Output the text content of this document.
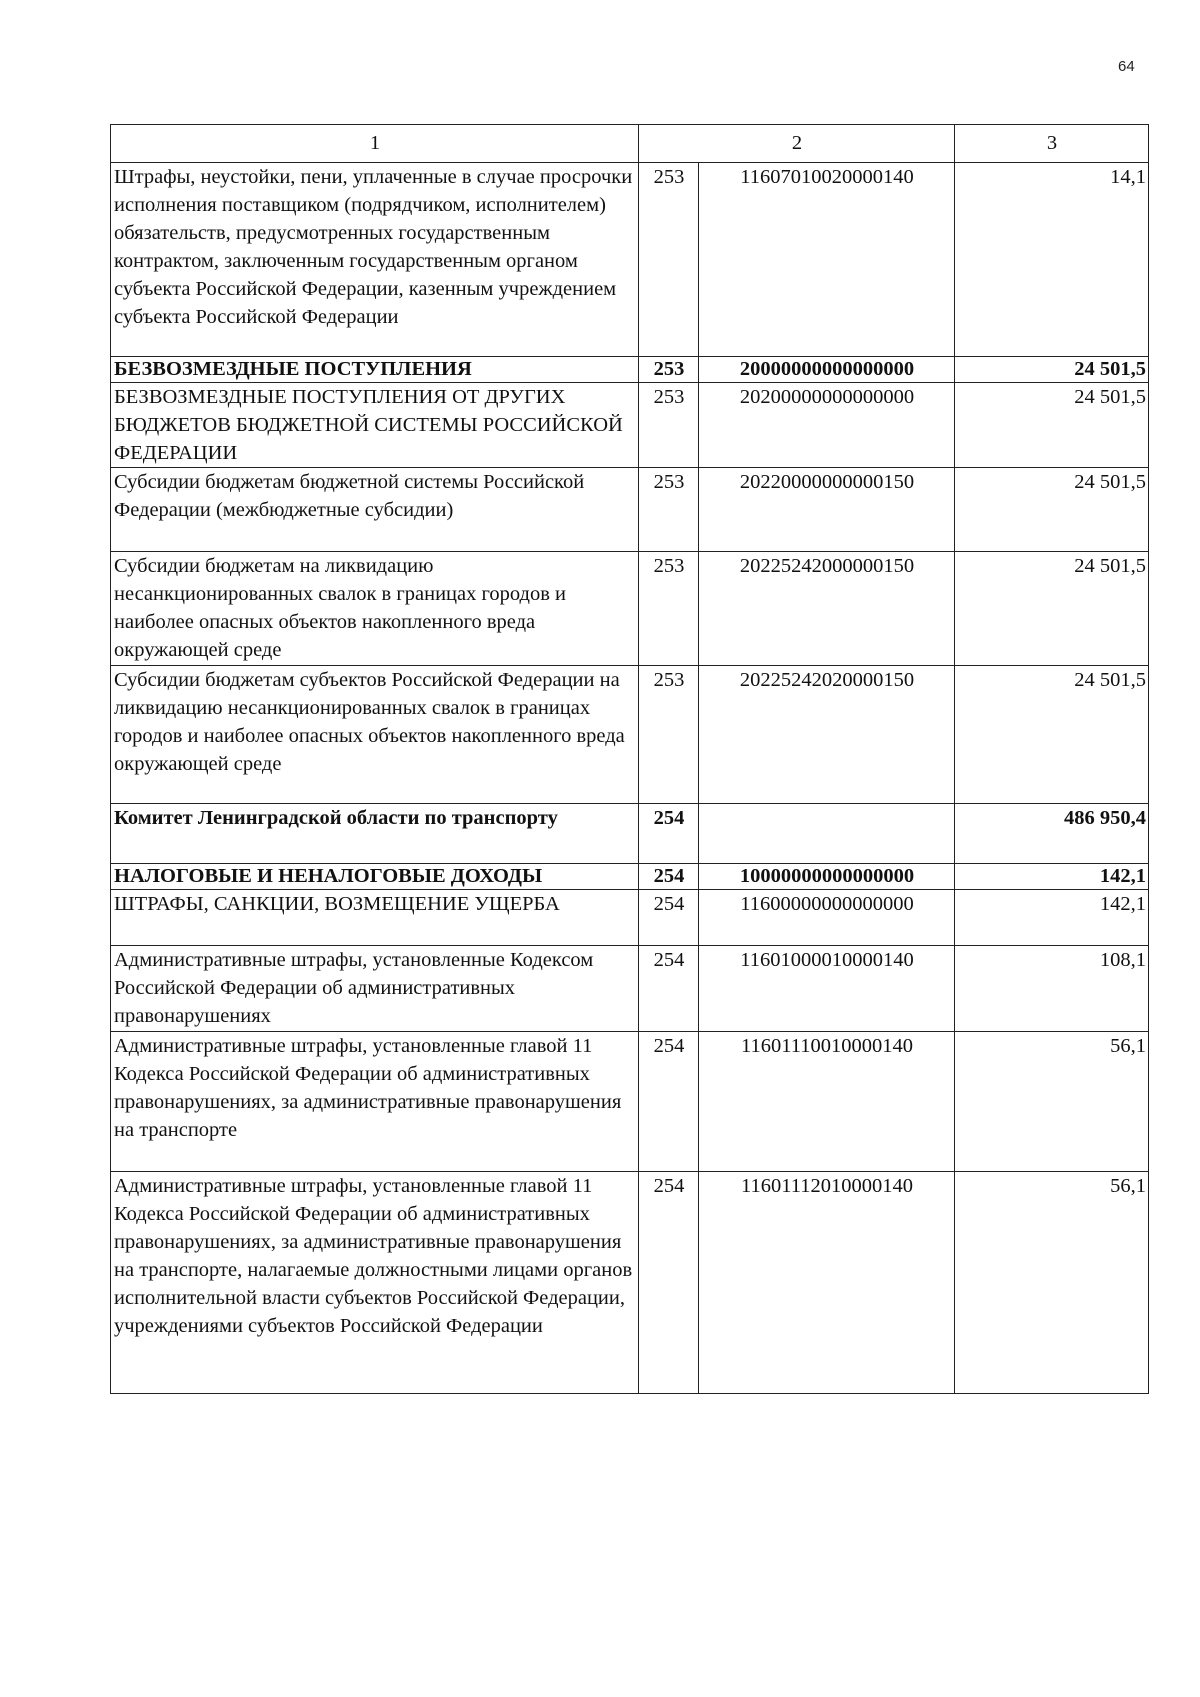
64
1	2		3
Штрафы, неустойки, пени, уплаченные в случае просрочки исполнения поставщиком (подрядчиком, исполнителем) обязательств, предусмотренных государственным контрактом, заключенным государственным органом субъекта Российской Федерации, казенным учреждением субъекта Российской Федерации	253	11607010020000140	14,1
БЕЗВОЗМЕЗДНЫЕ ПОСТУПЛЕНИЯ	253	20000000000000000	24 501,5
БЕЗВОЗМЕЗДНЫЕ ПОСТУПЛЕНИЯ ОТ ДРУГИХ БЮДЖЕТОВ БЮДЖЕТНОЙ СИСТЕМЫ РОССИЙСКОЙ ФЕДЕРАЦИИ	253	20200000000000000	24 501,5
Субсидии бюджетам бюджетной системы Российской Федерации (межбюджетные субсидии)	253	20220000000000150	24 501,5
Субсидии бюджетам на ликвидацию несанкционированных свалок в границах городов и наиболее опасных объектов накопленного вреда окружающей среде	253	20225242000000150	24 501,5
Субсидии бюджетам субъектов Российской Федерации на ликвидацию несанкционированных свалок в границах городов и наиболее опасных объектов накопленного вреда окружающей среде	253	20225242020000150	24 501,5
Комитет Ленинградской области по транспорту	254		486 950,4
НАЛОГОВЫЕ И НЕНАЛОГОВЫЕ ДОХОДЫ	254	10000000000000000	142,1
ШТРАФЫ, САНКЦИИ, ВОЗМЕЩЕНИЕ УЩЕРБА	254	11600000000000000	142,1
Административные штрафы, установленные Кодексом Российской Федерации об административных правонарушениях	254	11601000010000140	108,1
Административные штрафы, установленные главой 11 Кодекса Российской Федерации об административных правонарушениях, за административные правонарушения на транспорте	254	11601110010000140	56,1
Административные штрафы, установленные главой 11 Кодекса Российской Федерации об административных правонарушениях, за административные правонарушения на транспорте, налагаемые должностными лицами органов исполнительной власти субъектов Российской Федерации, учреждениями субъектов Российской Федерации	254	11601112010000140	56,1
